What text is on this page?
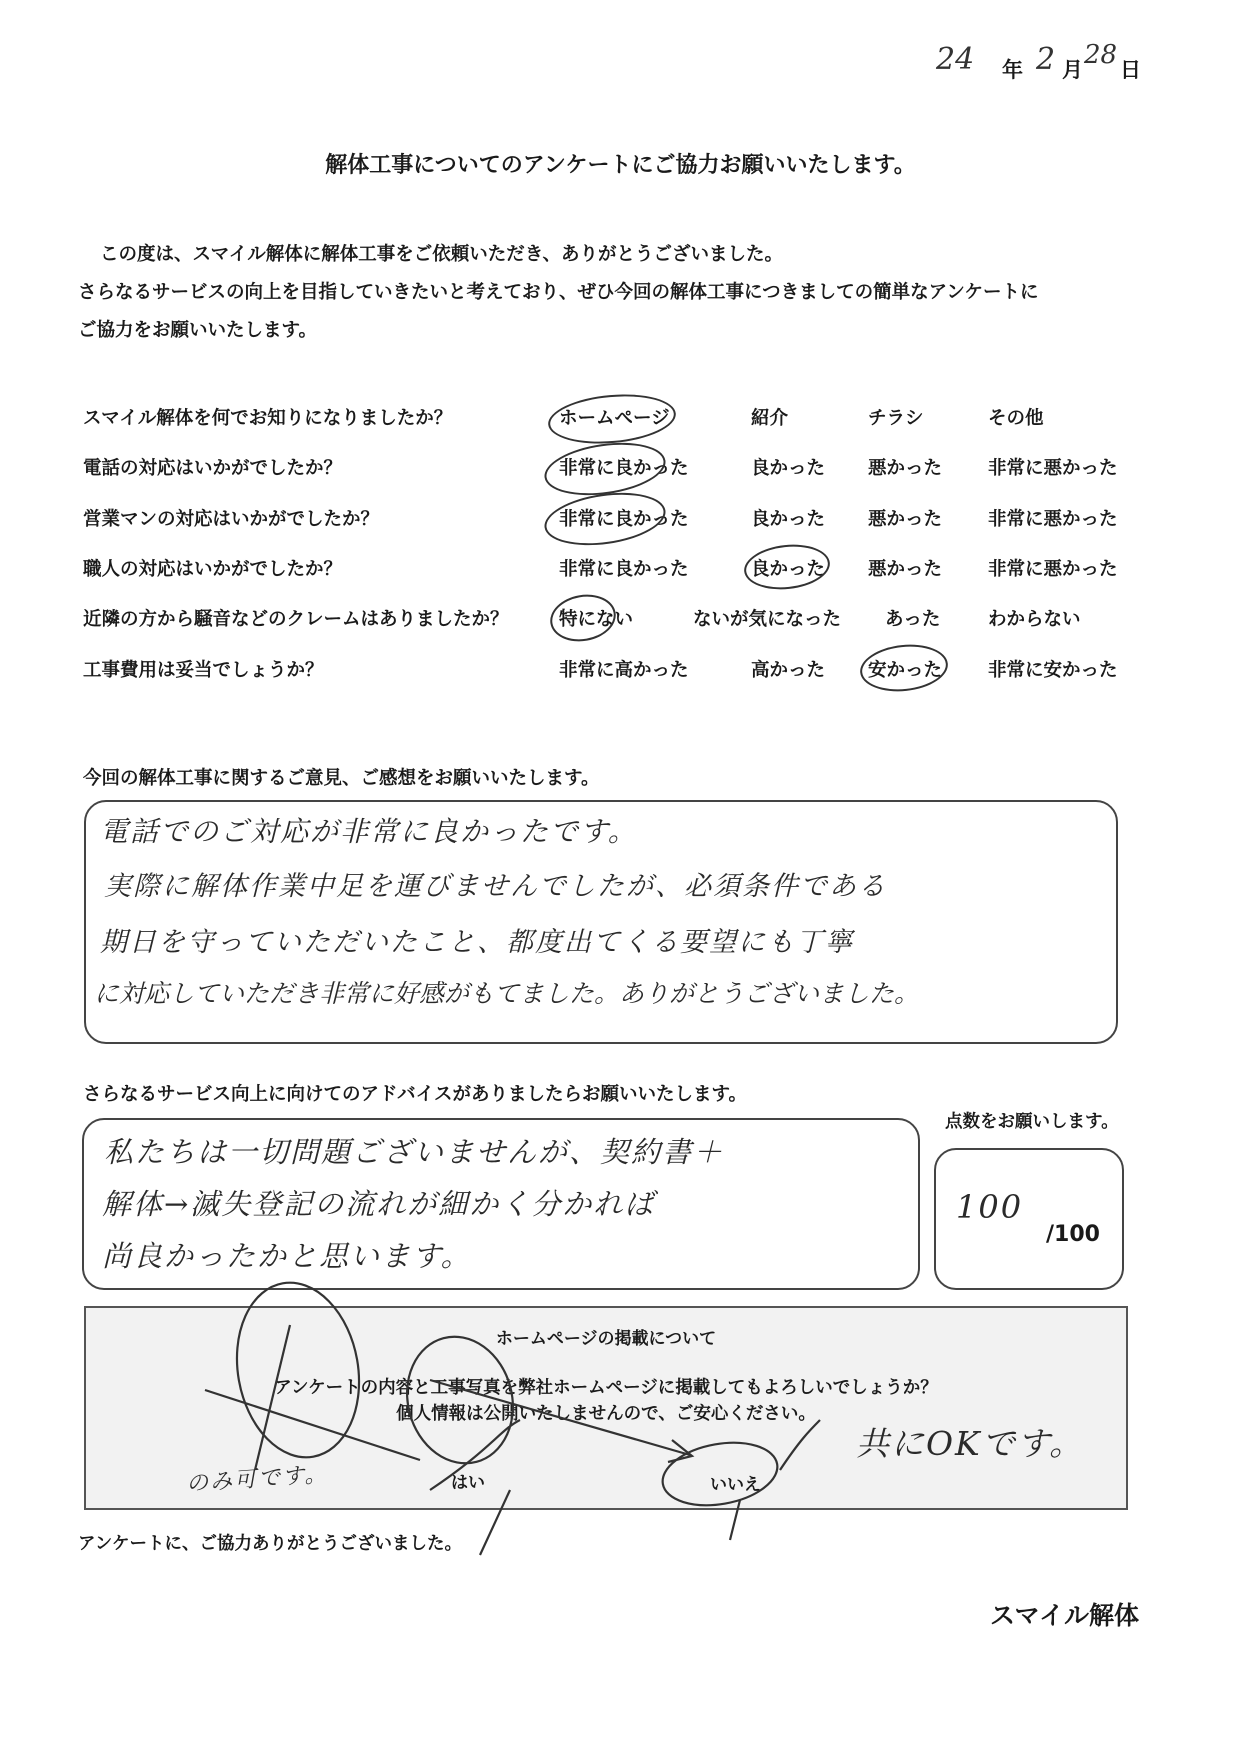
24 年 2 月 28 日
解体工事についてのアンケートにご協力お願いいたします。
この度は、スマイル解体に解体工事をご依頼いただき、ありがとうございました。
さらなるサービスの向上を目指していきたいと考えており、ぜひ今回の解体工事につきましての簡単なアンケートに
ご協力をお願いいたします。
スマイル解体を何でお知りになりましたか？	ホームページ	紹介	チラシ	その他
電話の対応はいかがでしたか？	非常に良かった	良かった 悪かった 非常に悪かった
営業マンの対応はいかがでしたか？	非常に良かった	良かった 悪かった 非常に悪かった
職人の対応はいかがでしたか？	非常に良かった	良かった 悪かった 非常に悪かった
近隣の方から騒音などのクレームはありましたか？	特にない	ないが気になった あった	わからない
工事費用は妥当でしょうか？	非常に高かった	高かった 安かった 非常に安かった
今回の解体工事に関するご意見、ご感想をお願いいたします。
電話でのご対応が非常に良かったです。
実際に解体作業中足を運びませんでしたが、必須条件である
期日を守っていただいたこと、都度出てくる要望にも丁寧
に対応していただき非常に好感がもてました。ありがとうございました。
さらなるサービス向上に向けてのアドバイスがありましたらお願いいたします。
私たちは一切問題ございませんが、契約書＋
解体→滅失登記の流れが細かく分かれば
尚良かったかと思います。
点数をお願いします。
100
/100
ホームページの掲載について
アンケートの内容と工事写真を弊社ホームページに掲載してもよろしいでしょうか？
個人情報は公開いたしませんので、ご安心ください。
はい	いいえ
のみ可です。
共にOKです。
アンケートに、ご協力ありがとうございました。
スマイル解体
